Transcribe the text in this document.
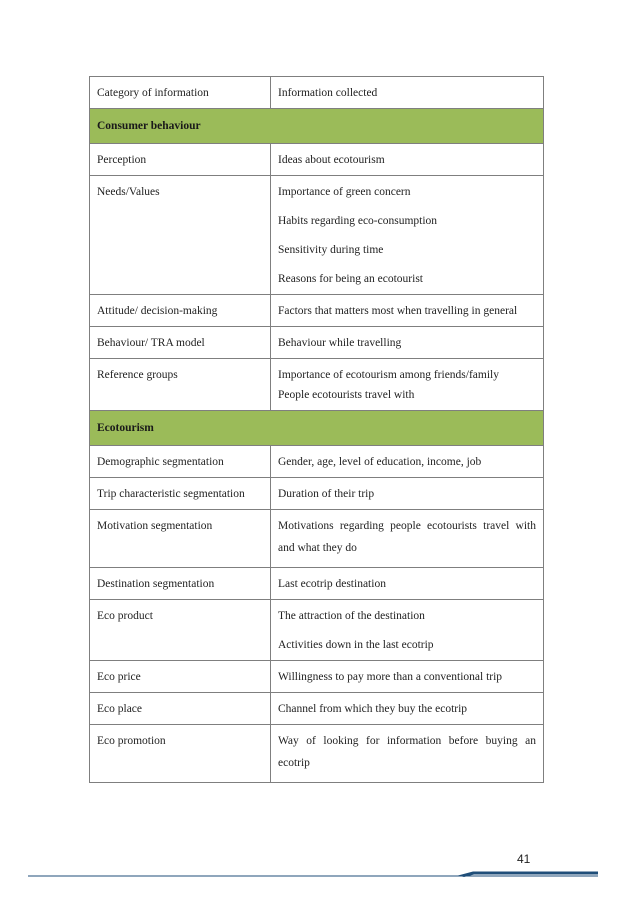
Category of information	Information collected
Consumer behaviour	
Perception	Ideas about ecotourism

Needs/Values	Importance of green concern
Habits regarding eco-consumption
Sensitivity during time
Reasons for being an ecotourist

Attitude/ decision-making	Factors that matters most when travelling in general

Behaviour/ TRA model	Behaviour while travelling

Reference groups	Importance of ecotourism among friends/family
People ecotourists travel with

Ecotourism	
Demographic segmentation	Gender, age, level of education, income, job

Trip characteristic segmentation	Duration of their trip

Motivation segmentation	Motivations regarding people ecotourists travel with and what they do

Destination segmentation	Last ecotrip destination

Eco product	The attraction of the destination
Activities down in the last ecotrip

Eco price	Willingness to pay more than a conventional trip

Eco place	Channel from which they buy the ecotrip

Eco promotion	Way of looking for information before buying an ecotrip
41
